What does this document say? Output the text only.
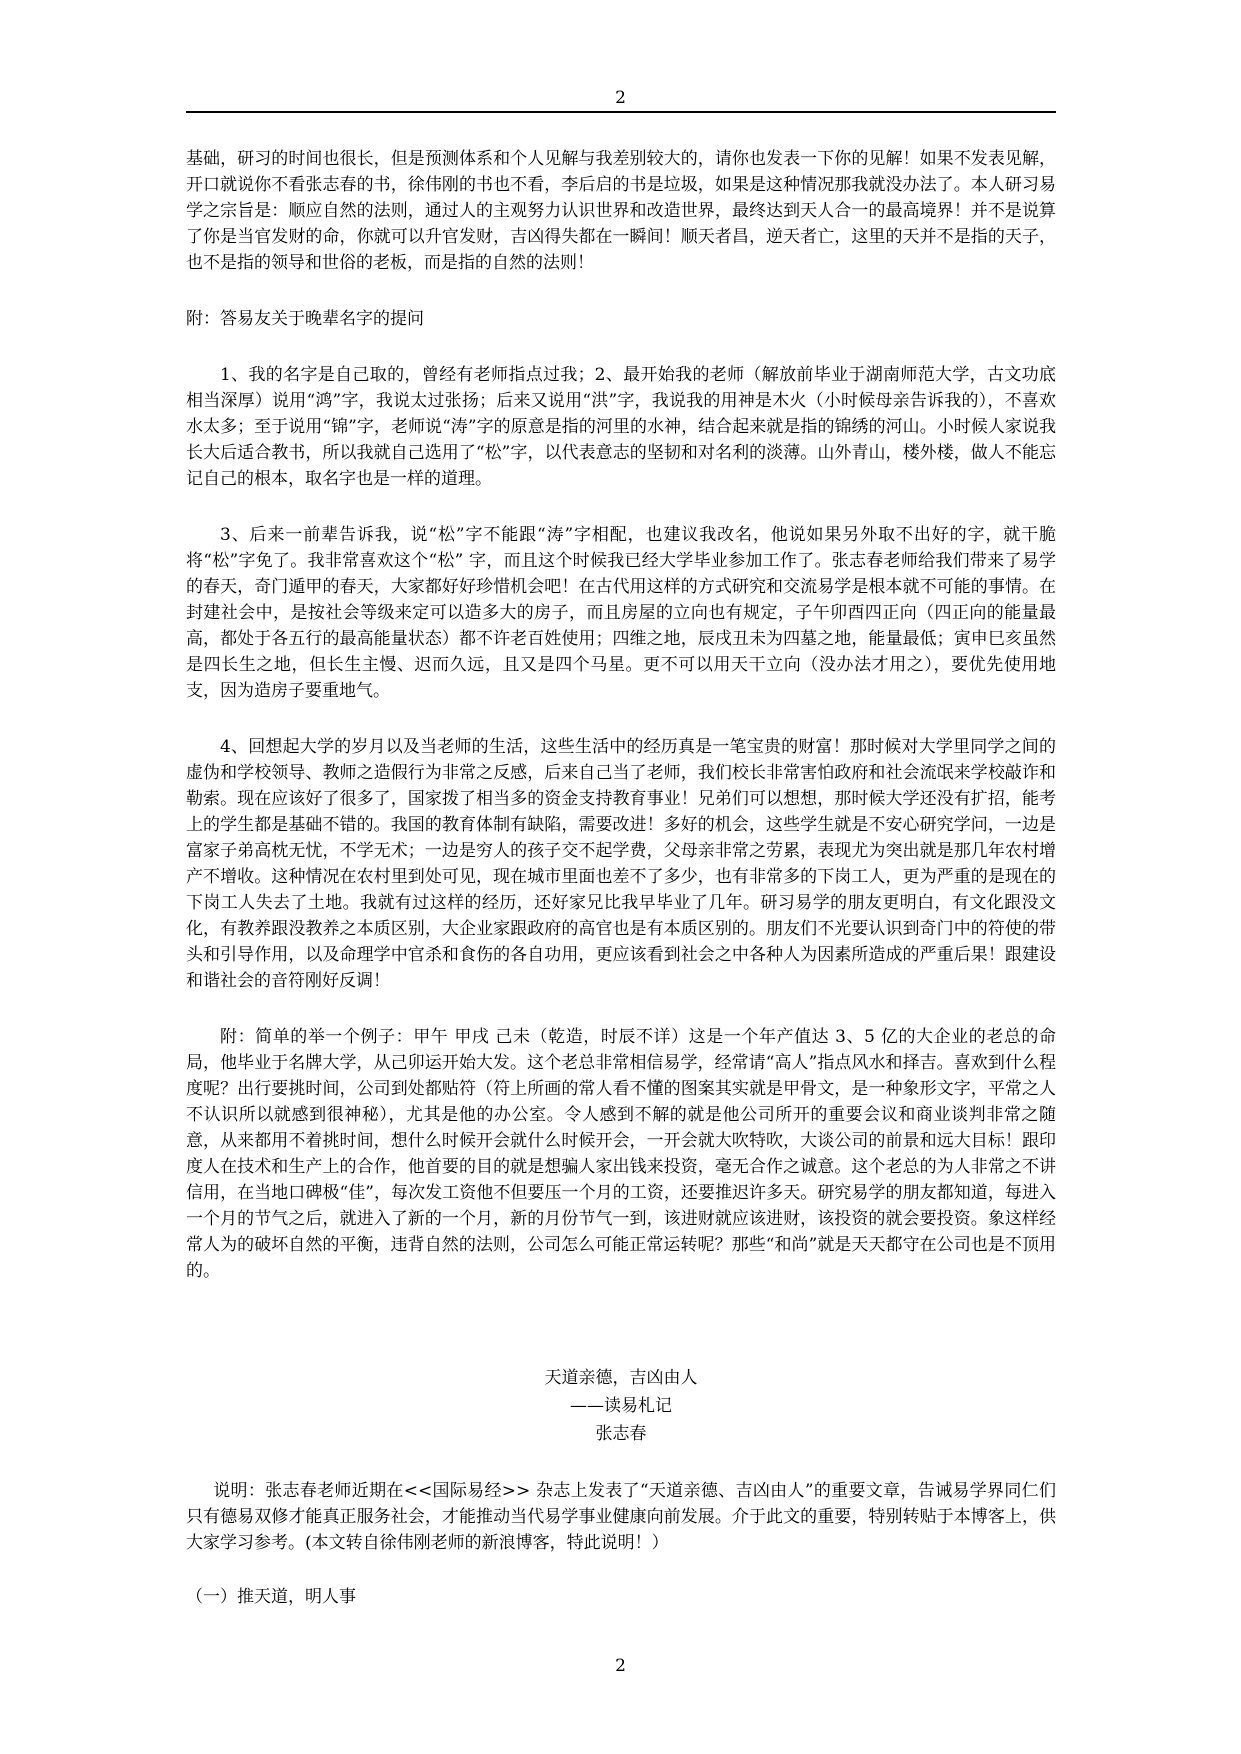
2

基础，研习的时间也很长，但是预测体系和个人见解与我差别较大的，请你也发表一下你的见解！如果不发表见解，开口就说你不看张志春的书，徐伟刚的书也不看，李后启的书是垃圾，如果是这种情况那我就没办法了。本人研习易学之宗旨是：顺应自然的法则，通过人的主观努力认识世界和改造世界，最终达到天人合一的最高境界！并不是说算了你是当官发财的命，你就可以升官发财，吉凶得失都在一瞬间！顺天者昌，逆天者亡，这里的天并不是指的天子，也不是指的领导和世俗的老板，而是指的自然的法则！

附：答易友关于晚辈名字的提问

1、我的名字是自己取的，曾经有老师指点过我；2、最开始我的老师（解放前毕业于湖南师范大学，古文功底相当深厚）说用“鸿”字，我说太过张扬；后来又说用“洪”字，我说我的用神是木火（小时候母亲告诉我的），不喜欢水太多；至于说用“锦”字，老师说“涛”字的原意是指的河里的水神，结合起来就是指的锦绣的河山。小时候人家说我长大后适合教书，所以我就自己选用了“松”字，以代表意志的坚韧和对名利的淡薄。山外青山，楼外楼，做人不能忘记自己的根本，取名字也是一样的道理。

3、后来一前辈告诉我，说“松”字不能跟“涛”字相配，也建议我改名，他说如果另外取不出好的字，就干脆将“松”字免了。我非常喜欢这个“松” 字，而且这个时候我已经大学毕业参加工作了。张志春老师给我们带来了易学的春天，奇门遁甲的春天，大家都好好珍惜机会吧！在古代用这样的方式研究和交流易学是根本就不可能的事情。在封建社会中，是按社会等级来定可以造多大的房子，而且房屋的立向也有规定，子午卯酉四正向（四正向的能量最高，都处于各五行的最高能量状态）都不许老百姓使用；四维之地，辰戌丑未为四墓之地，能量最低；寅申巳亥虽然是四长生之地，但长生主慢、迟而久远，且又是四个马星。更不可以用天干立向（没办法才用之），要优先使用地支，因为造房子要重地气。

4、回想起大学的岁月以及当老师的生活，这些生活中的经历真是一笔宝贵的财富！那时候对大学里同学之间的虚伪和学校领导、教师之造假行为非常之反感，后来自己当了老师，我们校长非常害怕政府和社会流氓来学校敲诈和勒索。现在应该好了很多了，国家拨了相当多的资金支持教育事业！兄弟们可以想想，那时候大学还没有扩招，能考上的学生都是基础不错的。我国的教育体制有缺陷，需要改进！多好的机会，这些学生就是不安心研究学问，一边是富家子弟高枕无忧，不学无术；一边是穷人的孩子交不起学费，父母亲非常之劳累，表现尤为突出就是那几年农村增产不增收。这种情况在农村里到处可见，现在城市里面也差不了多少，也有非常多的下岗工人，更为严重的是现在的下岗工人失去了土地。我就有过这样的经历，还好家兄比我早毕业了几年。研习易学的朋友更明白，有文化跟没文化，有教养跟没教养之本质区别，大企业家跟政府的高官也是有本质区别的。朋友们不光要认识到奇门中的符使的带头和引导作用，以及命理学中官杀和食伤的各自功用，更应该看到社会之中各种人为因素所造成的严重后果！跟建设和谐社会的音符刚好反调！

附：简单的举一个例子：甲午 甲戌 己未（乾造，时辰不详）这是一个年产值达 3、5 亿的大企业的老总的命局，他毕业于名牌大学，从己卯运开始大发。这个老总非常相信易学，经常请“高人”指点风水和择吉。喜欢到什么程度呢？出行要挑时间，公司到处都贴符（符上所画的常人看不懂的图案其实就是甲骨文，是一种象形文字，平常之人不认识所以就感到很神秘），尤其是他的办公室。令人感到不解的就是他公司所开的重要会议和商业谈判非常之随意，从来都用不着挑时间，想什么时候开会就什么时候开会，一开会就大吹特吹，大谈公司的前景和远大目标！跟印度人在技术和生产上的合作，他首要的目的就是想骗人家出钱来投资，毫无合作之诚意。这个老总的为人非常之不讲信用，在当地口碑极“佳”，每次发工资他不但要压一个月的工资，还要推迟许多天。研究易学的朋友都知道，每进入一个月的节气之后，就进入了新的一个月，新的月份节气一到，该进财就应该进财，该投资的就会要投资。象这样经常人为的破坏自然的平衡，违背自然的法则，公司怎么可能正常运转呢？那些“和尚”就是天天都守在公司也是不顶用的。

天道亲德，吉凶由人
——读易札记
张志春

说明：张志春老师近期在<<国际易经>> 杂志上发表了“天道亲德、吉凶由人”的重要文章，告诫易学界同仁们只有德易双修才能真正服务社会，才能推动当代易学事业健康向前发展。介于此文的重要，特别转贴于本博客上，供大家学习参考。(本文转自徐伟刚老师的新浪博客，特此说明！）

（一）推天道，明人事

2
